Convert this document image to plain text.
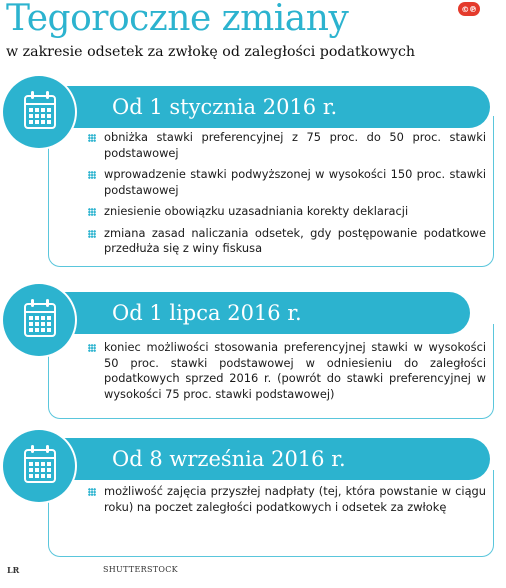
Tegoroczne zmiany	©℗
w zakresie odsetek za zwłokę od zaległości podatkowych
Od 1 stycznia 2016 r.
obniżka stawki preferencyjnej z 75 proc. do 50 proc. stawki podstawowej
wprowadzenie stawki podwyższonej w wysokości 150 proc. stawki podstawowej
zniesienie obowiązku uzasadniania korekty deklaracji
zmiana zasad naliczania odsetek, gdy postępowanie podatkowe przedłuża się z winy fiskusa
Od 1 lipca 2016 r.
koniec możliwości stosowania preferencyjnej stawki w wysokości 50 proc. stawki podstawowej w odniesieniu do zaległości podatkowych sprzed 2016 r. (powrót do stawki preferencyjnej w wysokości 75 proc. stawki podstawowej)
Od 8 września 2016 r.
możliwość zajęcia przyszłej nadpłaty (tej, która powstanie w ciągu roku) na poczet zaległości podatkowych i odsetek za zwłokę
LR	SHUTTERSTOCK
